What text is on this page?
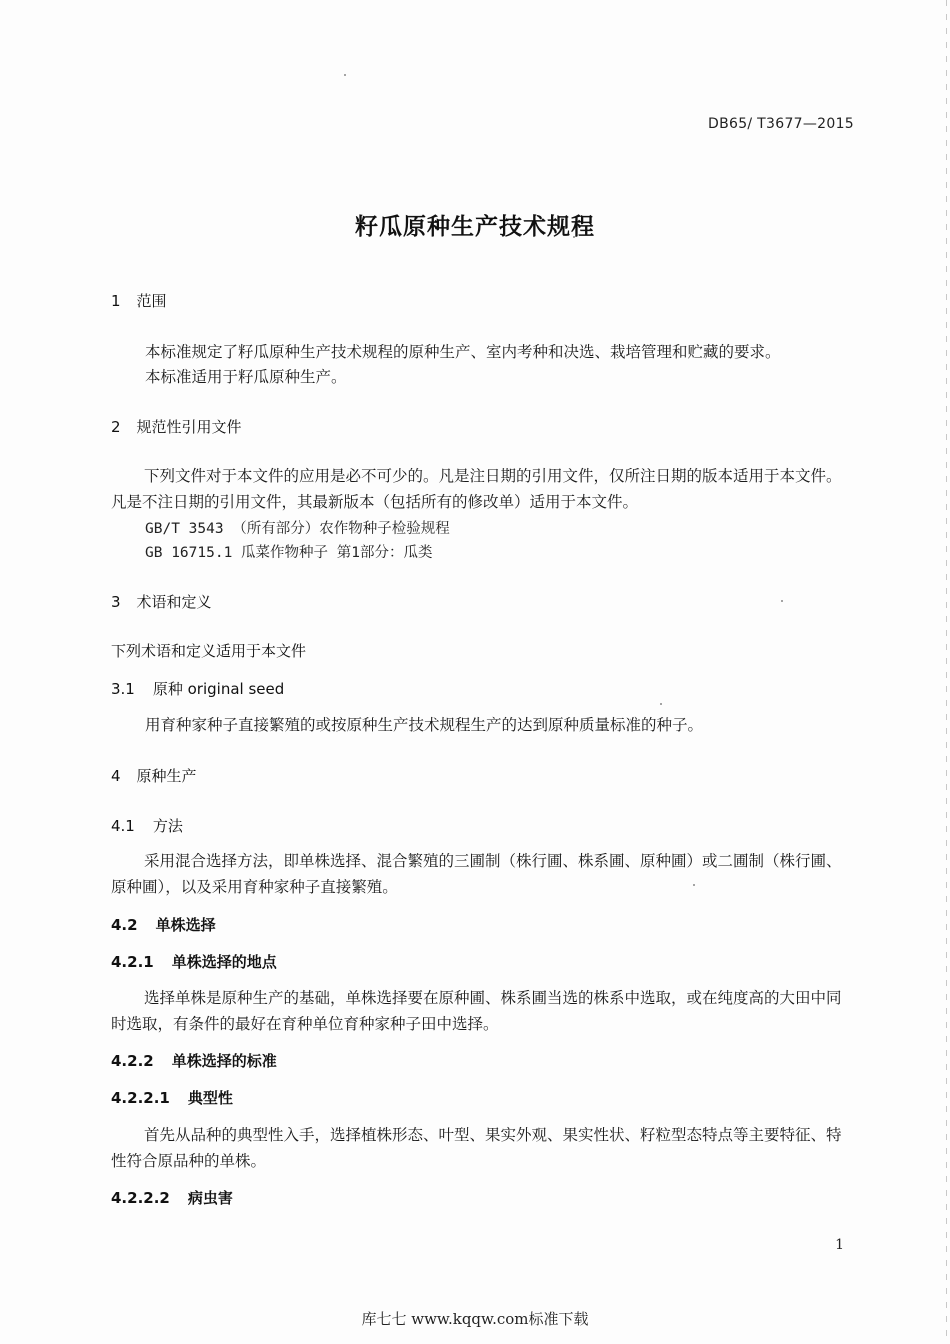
DB65/ T3677—2015
籽瓜原种生产技术规程
1 范围
本标准规定了籽瓜原种生产技术规程的原种生产、室内考种和决选、栽培管理和贮藏的要求。
本标准适用于籽瓜原种生产。
2 规范性引用文件
下列文件对于本文件的应用是必不可少的。凡是注日期的引用文件，仅所注日期的版本适用于本文件。凡是不注日期的引用文件，其最新版本（包括所有的修改单）适用于本文件。
GB/T 3543 （所有部分）农作物种子检验规程
GB 16715.1 瓜菜作物种子 第1部分：瓜类
3 术语和定义
下列术语和定义适用于本文件
3.1 原种 original seed
用育种家种子直接繁殖的或按原种生产技术规程生产的达到原种质量标准的种子。
4 原种生产
4.1 方法
采用混合选择方法，即单株选择、混合繁殖的三圃制（株行圃、株系圃、原种圃）或二圃制（株行圃、原种圃），以及采用育种家种子直接繁殖。
4.2 单株选择
4.2.1 单株选择的地点
选择单株是原种生产的基础，单株选择要在原种圃、株系圃当选的株系中选取，或在纯度高的大田中同时选取，有条件的最好在育种单位育种家种子田中选择。
4.2.2 单株选择的标准
4.2.2.1 典型性
首先从品种的典型性入手，选择植株形态、叶型、果实外观、果实性状、籽粒型态特点等主要特征、特性符合原品种的单株。
4.2.2.2 病虫害
1
库七七 www.kqqw.com标准下载
